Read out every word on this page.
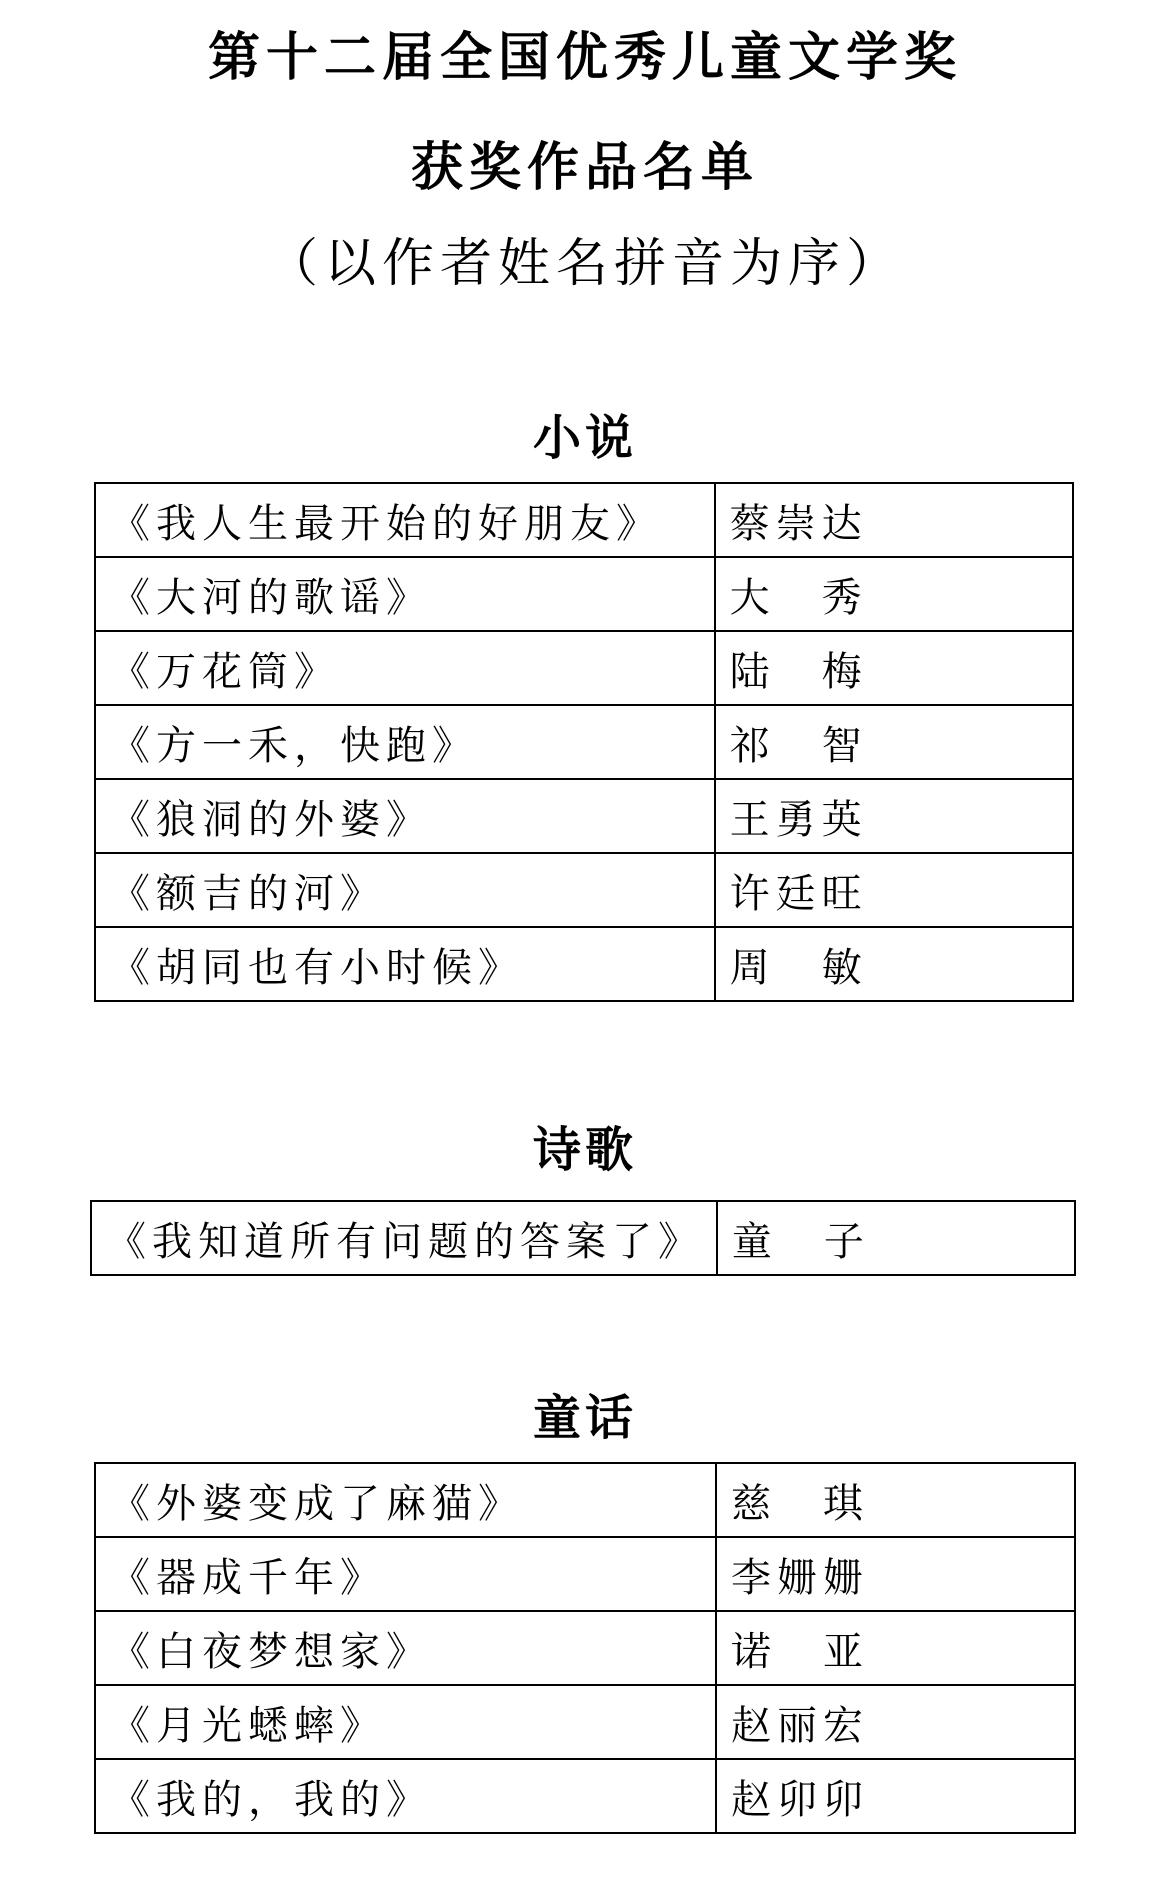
第十二届全国优秀儿童文学奖
获奖作品名单
（以作者姓名拼音为序）
小说
《我人生最开始的好朋友》	蔡崇达
《大河的歌谣》	大　秀
《万花筒》	陆　梅
《方一禾，快跑》	祁　智
《狼洞的外婆》	王勇英
《额吉的河》	许廷旺
《胡同也有小时候》	周　敏
诗歌
《我知道所有问题的答案了》	童　子
童话
《外婆变成了麻猫》	慈　琪
《器成千年》	李姗姗
《白夜梦想家》	诺　亚
《月光蟋蟀》	赵丽宏
《我的，我的》	赵卯卯
